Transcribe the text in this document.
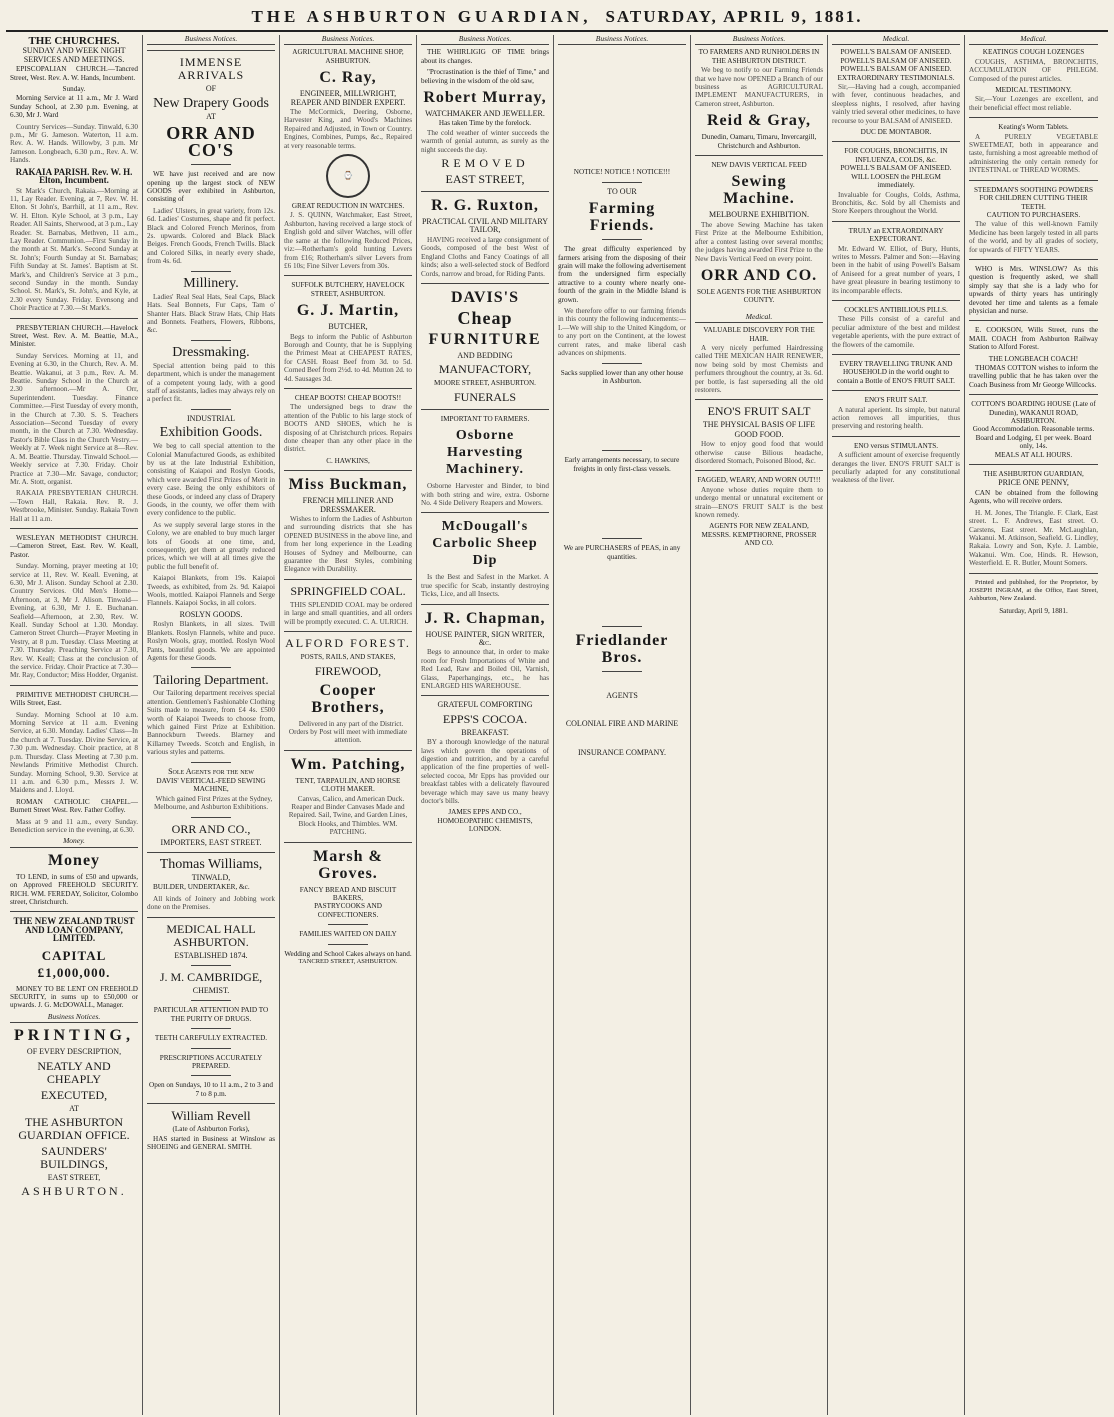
THE ASHBURTON GUARDIAN, SATURDAY, APRIL 9, 1881.
THE CHURCHES.
SUNDAY AND WEEK NIGHT SERVICES AND MEETINGS.

EPISCOPALIAN CHURCH.—Tancred Street, West. Rev. A. W. Hands, Incumbent.

Sunday.

Morning Service at 11 a.m., Mr J. Ward Sunday School, at 2.30 p.m. Evening, at 6.30, Mr J. Ward

Country Services—Sunday. Tinwald, 6.30 p.m., Mr G. Jameson. Waterton, 11 a.m. Rev. A. W. Hands. Willowby, 3 p.m. Mr Jameson. Longbeach, 6.30 p.m., Rev. A. W. Hands.

RAKAIA PARISH. Rev. W. H. Elton, Incumbent.

St Mark's Church, Rakaia.—Morning at 11, Lay Reader. Evening, at 7, Rev. W. H. Elton. St John's, Barrhill, at 11 a.m., Rev. W. H. Elton. Kyle School, at 3 p.m., Lay Reader. All Saints, Sherwood, at 3 p.m., Lay Reader. St. Barnabas, Methven, 11 a.m., Lay Reader. Communion.—First Sunday in the month at St. Mark's. Second Sunday at St. John's; Fourth Sunday at St. Barnabas; Fifth Sunday at St. James'. Baptism at St. Mark's, and Children's Service at 3 p.m., second Sunday in the month. Sunday School. St. Mark's, St. John's, and Kyle, at 2.30 every Sunday. Friday. Evensong and Choir Practice at 7.30.—St Mark's.

PRESBYTERIAN CHURCH.—Havelock Street, West. Rev. A. M. Beattie, M.A., Minister.

Sunday Services. Morning at 11, and Evening at 6.30, in the Church, Rev. A. M. Beattie. Wakanui, at 3 p.m., Rev. A. M. Beattie. Sunday School in the Church at 2.30 afternoon.—Mr A. Orr, Superintendent. Tuesday. Finance Committee.—First Tuesday of every month, in the Church at 7.30. S. S. Teachers Association—Second Tuesday of every month, in the Church at 7.30. Wednesday. Pastor's Bible Class in the Church Vestry.—Weekly at 7. Week night Service at 8—Rev. A. M. Beattie. Thursday. Tinwald School.—Weekly service at 7.30. Friday. Choir Practice at 7.30—Mr. Savage, conductor; Mr. A. Stott, organist.

RAKAIA PRESBYTERIAN CHURCH.—Town Hall, Rakaia. Rev. R. J. Westbrooke, Minister. Sunday. Rakaia Town Hall at 11 a.m.

WESLEYAN METHODIST CHURCH.—Cameron Street, East. Rev. W. Keall, Pastor.

Sunday. Morning, prayer meeting at 10; service at 11, Rev. W. Keall. Evening, at 6.30, Mr J. Alison. Sunday School at 2.30. Country Services. Old Men's Home—Afternoon, at 3, Mr J. Alison. Tinwald—Evening, at 6.30, Mr J. E. Buchanan. Seafield—Afternoon, at 2.30, Rev. W. Keall. Sunday School at 1.30. Monday. Cameron Street Church—Prayer Meeting in Vestry, at 8 p.m. Tuesday. Class Meeting at 7.30. Thursday. Preaching Service at 7.30, Rev. W. Keall; Class at the conclusion of the service. Friday. Choir Practice at 7.30—Mr. Ray, Conductor; Miss Hodder, Organist.

PRIMITIVE METHODIST CHURCH.—Wills Street, East.

Sunday. Morning School at 10 a.m. Morning Service at 11 a.m. Evening Service, at 6.30. Monday. Ladies' Class—In the church at 7. Tuesday. Divine Service, at 7.30 p.m. Wednesday. Choir practice, at 8 p.m. Thursday. Class Meeting at 7.30 p.m. Newlands Primitive Methodist Church. Sunday. Morning School, 9.30. Service at 11 a.m. and 6.30 p.m., Messrs J. W. Maidens and J. Lloyd.

ROMAN CATHOLIC CHAPEL.—Burnett Street West. Rev. Father Coffey.

Mass at 9 and 11 a.m., every Sunday. Benediction service in the evening, at 6.30.

Money.
Money

TO LEND, in sums of £50 and upwards, on Approved FREEHOLD SECURITY. RICH. WM. FEREDAY, Solicitor, Colombo street, Christchurch.

THE NEW ZEALAND TRUST AND LOAN COMPANY, LIMITED.
CAPITAL £1,000,000.

MONEY TO BE LENT ON FREEHOLD SECURITY, in sums up to £50,000 or upwards. J. G. McDOWALL, Manager.

Business Notices.
PRINTING,
OF EVERY DESCRIPTION,
NEATLY AND CHEAPLY
EXECUTED,
AT
THE ASHBURTON GUARDIAN OFFICE.
SAUNDERS' BUILDINGS,
EAST STREET,
ASHBURTON.
Business Notices.
IMMENSE ARRIVALS
OF
New Drapery Goods
AT
ORR AND CO'S

WE have just received and are now opening up the largest stock of NEW GOODS ever exhibited in Ashburton, consisting of

Ladies' Ulsters, in great variety, from 12s. 6d. Ladies' Costumes, shape and fit perfect. Black and Colored French Merinos, from 2s. upwards. Colored and Black Black Beiges. French Goods, French Twills. Black and Colored Silks, in nearly every shade, from 4s. 6d.

Millinery.

Ladies' Real Seal Hats, Seal Caps, Black Hats. Seal Bonnets, Fur Caps, Tam o' Shanter Hats. Black Straw Hats, Chip Hats and Bonnets. Feathers, Flowers, Ribbons, &c.

Dressmaking.

Special attention being paid to this department, which is under the management of a competent young lady, with a good staff of assistants, ladies may always rely on a perfect fit.

INDUSTRIAL
Exhibition Goods.

We beg to call special attention to the Colonial Manufactured Goods, as exhibited by us at the late Industrial Exhibition, consisting of Kaiapoi and Roslyn Goods, which were awarded First Prizes of Merit in every case. Being the only exhibitors of these Goods, or indeed any class of Drapery Goods, in the county, we offer them with every confidence to the public.

As we supply several large stores in the Colony, we are enabled to buy much larger lots of Goods at one time, and, consequently, get them at greatly reduced prices, which we will at all times give the public the full benefit of.

Kaiapoi Blankets, from 19s. Kaiapoi Tweeds, as exhibited, from 2s. 9d. Kaiapoi Wools, mottled. Kaiapoi Flannels and Serge Flannels. Kaiapoi Socks, in all colors.

ROSLYN GOODS.

Roslyn Blankets, in all sizes. Twill Blankets. Roslyn Flannels, white and puce. Roslyn Wools, gray, mottled. Roslyn Wool Pants, beautiful goods. We are appointed Agents for these Goods.

Tailoring Department.

Our Tailoring department receives special attention. Gentlemen's Fashionable Clothing Suits made to measure, from £4 4s. £500 worth of Kaiapoi Tweeds to choose from, which gained First Prize at Exhibition. Bannockburn Tweeds. Blarney and Killarney Tweeds. Scotch and English, in various styles and patterns.

Sole Agents for the new
DAVIS' VERTICAL-FEED SEWING MACHINE,

Which gained First Prizes at the Sydney, Melbourne, and Ashburton Exhibitions.

ORR AND CO.,
IMPORTERS, EAST STREET.
Thomas Williams,
TINWALD,

BUILDER, UNDERTAKER, &c.

All kinds of Joinery and Jobbing work done on the Premises.

MEDICAL HALL ASHBURTON.
ESTABLISHED 1874.
J. M. CAMBRIDGE,
CHEMIST.
PARTICULAR ATTENTION PAID TO THE PURITY OF DRUGS.
TEETH CAREFULLY EXTRACTED.
PRESCRIPTIONS ACCURATELY PREPARED.
Open on Sundays, 10 to 11 a.m., 2 to 3 and 7 to 8 p.m.
William Revell
(Late of Ashburton Forks),

HAS started in Business at Winslow as SHOEING and GENERAL SMITH.

Business Notices.
AGRICULTURAL MACHINE SHOP, ASHBURTON.
C. Ray,
ENGINEER, MILLWRIGHT, REAPER AND BINDER EXPERT.

The McCormick, Deering, Osborne, Harvester King, and Wood's Machines Repaired and Adjusted, in Town or Country. Engines, Combines, Pumps, &c., Repaired at very reasonable terms.

⌚
GREAT REDUCTION IN WATCHES.

J. S. QUINN, Watchmaker, East Street, Ashburton, having received a large stock of English gold and silver Watches, will offer the same at the following Reduced Prices, viz:—Rotherham's gold hunting Levers from £16; Rotherham's silver Levers from £6 10s; Fine Silver Levers from 30s.

SUFFOLK BUTCHERY, HAVELOCK STREET, ASHBURTON.
G. J. Martin,
BUTCHER,

Begs to inform the Public of Ashburton Borough and County, that he is Supplying the Primest Meat at CHEAPEST RATES, for CASH. Roast Beef from 3d. to 5d. Corned Beef from 2½d. to 4d. Mutton 2d. to 4d. Sausages 3d.

CHEAP BOOTS! CHEAP BOOTS!!

The undersigned begs to draw the attention of the Public to his large stock of BOOTS AND SHOES, which he is disposing of at Christchurch prices. Repairs done cheaper than any other place in the district.

C. HAWKINS,
Miss Buckman,
FRENCH MILLINER AND DRESSMAKER.

Wishes to inform the Ladies of Ashburton and surrounding districts that she has OPENED BUSINESS in the above line, and from her long experience in the Leading Houses of Sydney and Melbourne, can guarantee the Best Styles, combining Elegance with Durability.

SPRINGFIELD COAL.

THIS SPLENDID COAL may be ordered in large and small quantities, and all orders will be promptly executed. C. A. ULRICH.

ALFORD FOREST.
POSTS, RAILS, AND STAKES,
FIREWOOD,
Cooper Brothers,

Delivered in any part of the District. Orders by Post will meet with immediate attention.

Wm. Patching,
TENT, TARPAULIN, AND HORSE CLOTH MAKER.

Canvas, Calico, and American Duck. Reaper and Binder Canvases Made and Repaired. Sail, Twine, and Garden Lines, Block Hooks, and Thimbles. WM. PATCHING.

Marsh & Groves.
FANCY BREAD AND BISCUIT BAKERS,
PASTRYCOOKS AND CONFECTIONERS.
FAMILIES WAITED ON DAILY
Wedding and School Cakes always on hand.
TANCRED STREET, ASHBURTON.
Business Notices.

THE WHIRLIGIG OF TIME brings about its changes.

"Procrastination is the thief of Time," and believing in the wisdom of the old saw,

Robert Murray,
WATCHMAKER AND JEWELLER.
Has taken Time by the forelock.

The cold weather of winter succeeds the warmth of genial autumn, as surely as the night succeeds the day.

REMOVED
EAST STREET,
R. G. Ruxton,
PRACTICAL CIVIL AND MILITARY TAILOR,

HAVING received a large consignment of Goods, composed of the best West of England Cloths and Fancy Coatings of all kinds; also a well-selected stock of Bedford Cords, narrow and broad, for Riding Pants.

DAVIS'S
Cheap
FURNITURE
AND BEDDING
MANUFACTORY,
MOORE STREET, ASHBURTON.
FUNERALS
IMPORTANT TO FARMERS.
Osborne Harvesting Machinery.

Osborne Harvester and Binder, to bind with both string and wire, extra. Osborne No. 4 Side Delivery Reapers and Mowers.

McDougall's Carbolic Sheep Dip

Is the Best and Safest in the Market. A true specific for Scab, instantly destroying Ticks, Lice, and all Insects.

J. R. Chapman,
HOUSE PAINTER, SIGN WRITER, &c.

Begs to announce that, in order to make room for Fresh Importations of White and Red Lead, Raw and Boiled Oil, Varnish, Glass, Paperhangings, etc., he has ENLARGED HIS WAREHOUSE.

GRATEFUL COMFORTING
EPPS'S COCOA.
BREAKFAST.

BY a thorough knowledge of the natural laws which govern the operations of digestion and nutrition, and by a careful application of the fine properties of well-selected cocoa, Mr Epps has provided our breakfast tables with a delicately flavoured beverage which may save us many heavy doctor's bills.

JAMES EPPS AND CO., HOMOEOPATHIC CHEMISTS, LONDON.
Business Notices.
NOTICE! NOTICE ! NOTICE!!!
TO OUR
Farming Friends.

The great difficulty experienced by farmers arising from the disposing of their grain will make the following advertisement from the undersigned firm especially attractive to a county where nearly one-fourth of the grain in the Middle Island is grown.

We therefore offer to our farming friends in this county the following inducements:— I.—We will ship to the United Kingdom, or to any port on the Continent, at the lowest current rates, and make liberal cash advances on shipments.

Sacks supplied lower than any other house in Ashburton.
Early arrangements necessary, to secure freights in only first-class vessels.
We are PURCHASERS of PEAS, in any quantities.
Friedlander Bros.
AGENTS
COLONIAL FIRE AND MARINE
INSURANCE COMPANY.
Business Notices.
TO FARMERS AND RUNHOLDERS IN THE ASHBURTON DISTRICT.

We beg to notify to our Farming Friends that we have now OPENED a Branch of our business as AGRICULTURAL IMPLEMENT MANUFACTURERS, in Cameron street, Ashburton.

Reid & Gray,
Dunedin, Oamaru, Timaru, Invercargill, Christchurch and Ashburton.
NEW DAVIS VERTICAL FEED
Sewing Machine.
MELBOURNE EXHIBITION.

The above Sewing Machine has taken First Prize at the Melbourne Exhibition, after a contest lasting over several months; the judges having awarded First Prize to the New Davis Vertical Feed on every point.

ORR AND CO.
SOLE AGENTS FOR THE ASHBURTON COUNTY.
Medical.
VALUABLE DISCOVERY FOR THE HAIR.

A very nicely perfumed Hairdressing called THE MEXICAN HAIR RENEWER, now being sold by most Chemists and perfumers throughout the country, at 3s. 6d. per bottle, is fast superseding all the old restorers.

ENO'S FRUIT SALT
THE PHYSICAL BASIS OF LIFE
GOOD FOOD.

How to enjoy good food that would otherwise cause Bilious headache, disordered Stomach, Poisoned Blood, &c.

FAGGED, WEARY, AND WORN OUT!!!

Anyone whose duties require them to undergo mental or unnatural excitement or strain—ENO'S FRUIT SALT is the best known remedy.

AGENTS FOR NEW ZEALAND, MESSRS. KEMPTHORNE, PROSSER AND CO.
Medical.
POWELL'S BALSAM OF ANISEED.
POWELL'S BALSAM OF ANISEED.
POWELL'S BALSAM OF ANISEED.
EXTRAORDINARY TESTIMONIALS.

Sir,—Having had a cough, accompanied with fever, continuous headaches, and sleepless nights, I resolved, after having vainly tried several other medicines, to have recourse to your BALSAM of ANISEED.

DUC DE MONTABOR.
FOR COUGHS, BRONCHITIS, IN INFLUENZA, COLDS, &c.
POWELL'S BALSAM OF ANISEED.
WILL LOOSEN the PHLEGM immediately.

Invaluable for Coughs, Colds, Asthma, Bronchitis, &c. Sold by all Chemists and Store Keepers throughout the World.

TRULY an EXTRAORDINARY EXPECTORANT.

Mr. Edward W. Elliot, of Bury, Hunts, writes to Messrs. Palmer and Son:—Having been in the habit of using Powell's Balsam of Aniseed for a great number of years, I have great pleasure in bearing testimony to its incomparable effects.

COCKLE'S ANTIBILIOUS PILLS.

These Pills consist of a careful and peculiar admixture of the best and mildest vegetable aperients, with the pure extract of the flowers of the camomile.

EVERY TRAVELLING TRUNK AND HOUSEHOLD in the world ought to contain a Bottle of ENO'S FRUIT SALT.
ENO'S FRUIT SALT.

A natural aperient. Its simple, but natural action removes all impurities, thus preserving and restoring health.

ENO versus STIMULANTS.

A sufficient amount of exercise frequently deranges the liver. ENO'S FRUIT SALT is peculiarly adapted for any constitutional weakness of the liver.

Medical.
KEATINGS COUGH LOZENGES

COUGHS, ASTHMA, BRONCHITIS, ACCUMULATION OF PHLEGM. Composed of the purest articles.

MEDICAL TESTIMONY.

Sir,—Your Lozenges are excellent, and their beneficial effect most reliable.

Keating's Worm Tablets.

A PURELY VEGETABLE SWEETMEAT, both in appearance and taste, furnishing a most agreeable method of administering the only certain remedy for INTESTINAL or THREAD WORMS.

STEEDMAN'S SOOTHING POWDERS FOR CHILDREN CUTTING THEIR TEETH.
CAUTION TO PURCHASERS.

The value of this well-known Family Medicine has been largely tested in all parts of the world, and by all grades of society, for upwards of FIFTY YEARS.

WHO is Mrs. WINSLOW? As this question is frequently asked, we shall simply say that she is a lady who for upwards of thirty years has untiringly devoted her time and talents as a female physician and nurse.

E. COOKSON, Wills Street, runs the MAIL COACH from Ashburton Railway Station to Alford Forest.

THE LONGBEACH COACH!

THOMAS COTTON wishes to inform the travelling public that he has taken over the Coach Business from Mr George Willcocks.

COTTON'S BOARDING HOUSE (Late of Dunedin), WAKANUI ROAD, ASHBURTON.
Good Accommodation. Reasonable terms.
Board and Lodging, £1 per week. Board only, 14s.
MEALS AT ALL HOURS.
THE ASHBURTON GUARDIAN,
PRICE ONE PENNY,

CAN be obtained from the following Agents, who will receive orders.

H. M. Jones, The Triangle. F. Clark, East street. L. F. Andrews, East street. O. Carstens, East street. Mr. McLaughlan, Wakanui. M. Atkinson, Seafield. G. Lindley, Rakaia. Lowry and Son, Kyle. J. Lambie, Wakanui. Wm. Coe, Hinds. R. Hewson, Westerfield. E. R. Butler, Mount Somers.

Printed and published, for the Proprietor, by JOSEPH INGRAM, at the Office, East Street, Ashburton, New Zealand.

Saturday, April 9, 1881.
